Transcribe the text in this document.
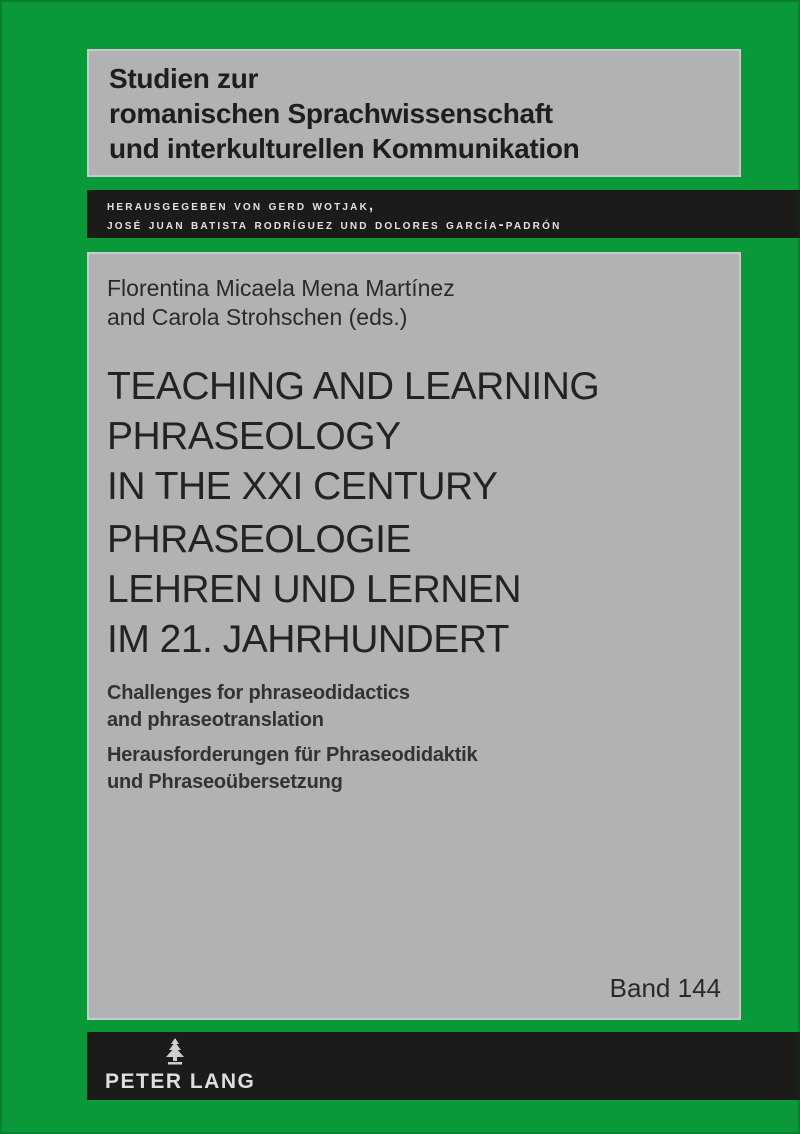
Studien zur
romanischen Sprachwissenschaft
und interkulturellen Kommunikation
herausgegeben von gerd wotjak,
josé juan batista rodríguez und dolores garcía-padrón
Florentina Micaela Mena Martínez
and Carola Strohschen (eds.)
TEACHING AND LEARNING
PHRASEOLOGY
IN THE XXI CENTURY
PHRASEOLOGIE
LEHREN UND LERNEN
IM 21. JAHRHUNDERT
Challenges for phraseodidactics
and phraseotranslation
Herausforderungen für Phraseodidaktik
und Phraseoübersetzung
Band 144
PETER LANG
